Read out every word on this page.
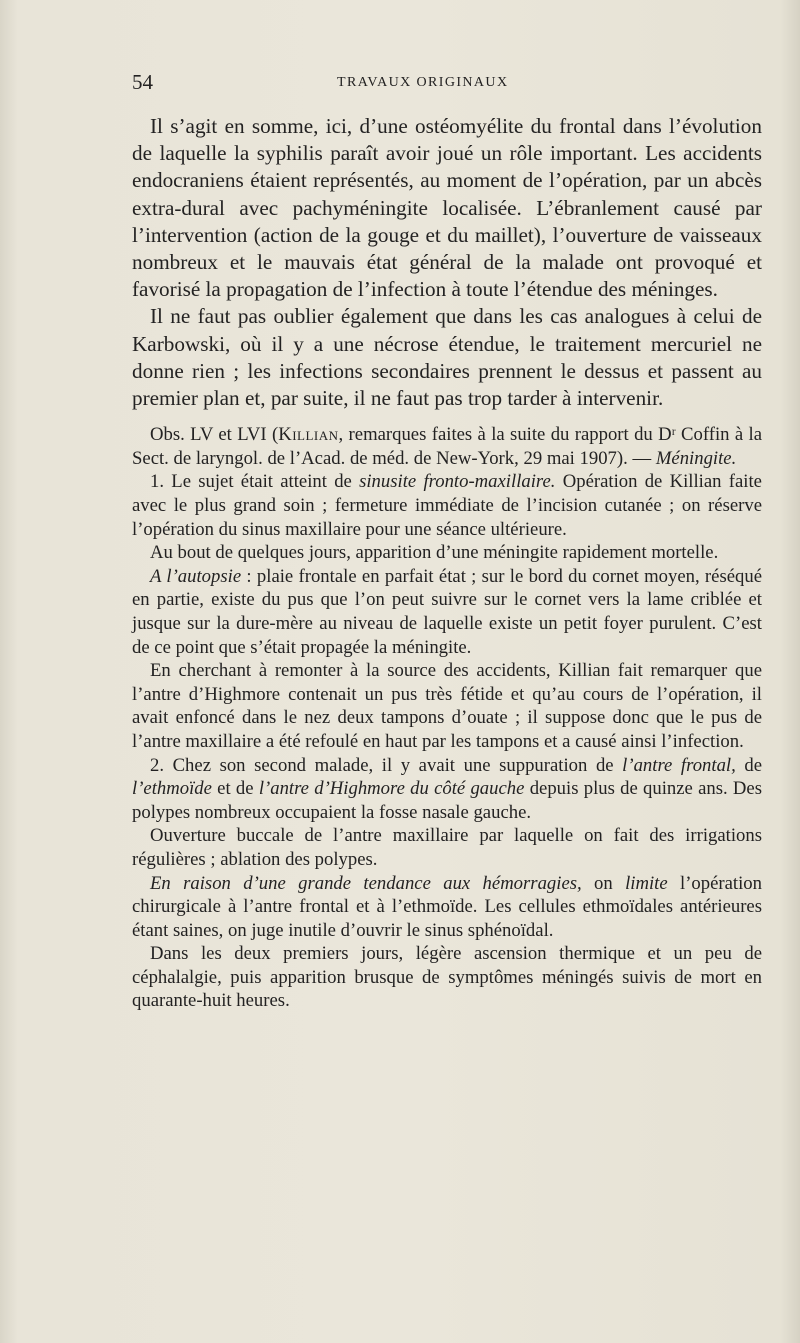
54	TRAVAUX ORIGINAUX

Il s’agit en somme, ici, d’une ostéomyélite du frontal dans l’évolution de laquelle la syphilis paraît avoir joué un rôle important. Les accidents endocraniens étaient représentés, au moment de l’opération, par un abcès extra-dural avec pachyméningite localisée. L’ébranlement causé par l’intervention (action de la gouge et du maillet), l’ouverture de vaisseaux nombreux et le mauvais état général de la malade ont provoqué et favorisé la propagation de l’infection à toute l’étendue des méninges.

Il ne faut pas oublier également que dans les cas analogues à celui de Karbowski, où il y a une nécrose étendue, le traitement mercuriel ne donne rien ; les infections secondaires prennent le dessus et passent au premier plan et, par suite, il ne faut pas trop tarder à intervenir.

Obs. LV et LVI (Killian, remarques faites à la suite du rapport du Dʳ Coffin à la Sect. de laryngol. de l’Acad. de méd. de New-York, 29 mai 1907). — Méningite.

1. Le sujet était atteint de sinusite fronto-maxillaire. Opération de Killian faite avec le plus grand soin ; fermeture immédiate de l’incision cutanée ; on réserve l’opération du sinus maxillaire pour une séance ultérieure.

Au bout de quelques jours, apparition d’une méningite rapidement mortelle.

A l’autopsie : plaie frontale en parfait état ; sur le bord du cornet moyen, réséqué en partie, existe du pus que l’on peut suivre sur le cornet vers la lame criblée et jusque sur la dure-mère au niveau de laquelle existe un petit foyer purulent. C’est de ce point que s’était propagée la méningite.

En cherchant à remonter à la source des accidents, Killian fait remarquer que l’antre d’Highmore contenait un pus très fétide et qu’au cours de l’opération, il avait enfoncé dans le nez deux tampons d’ouate ; il suppose donc que le pus de l’antre maxillaire a été refoulé en haut par les tampons et a causé ainsi l’infection.

2. Chez son second malade, il y avait une suppuration de l’antre frontal, de l’ethmoïde et de l’antre d’Highmore du côté gauche depuis plus de quinze ans. Des polypes nombreux occupaient la fosse nasale gauche.

Ouverture buccale de l’antre maxillaire par laquelle on fait des irrigations régulières ; ablation des polypes.

En raison d’une grande tendance aux hémorragies, on limite l’opération chirurgicale à l’antre frontal et à l’ethmoïde. Les cellules ethmoïdales antérieures étant saines, on juge inutile d’ouvrir le sinus sphénoïdal.

Dans les deux premiers jours, légère ascension thermique et un peu de céphalalgie, puis apparition brusque de symptômes méningés suivis de mort en quarante-huit heures.
